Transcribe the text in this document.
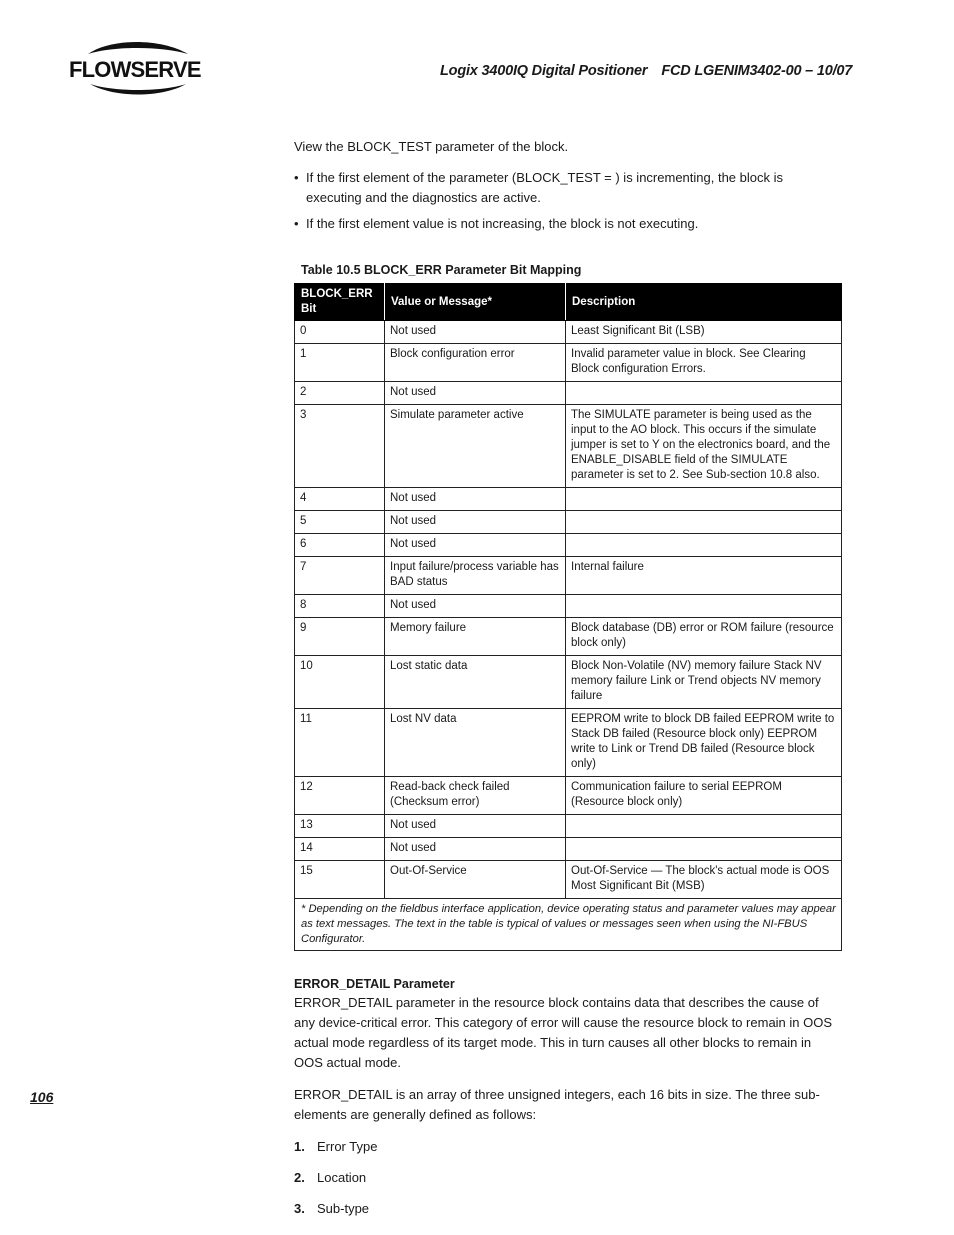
FLOWSERVE	Logix 3400IQ Digital Positioner FCD LGENIM3402-00 – 10/07

View the BLOCK_TEST parameter of the block.

• If the first element of the parameter (BLOCK_TEST = ) is incrementing, the block is executing and the diagnostics are active.
• If the first element value is not increasing, the block is not executing.
Table 10.5 BLOCK_ERR Parameter Bit Mapping
BLOCK_ERR Bit	Value or Message*	Description
0	Not used	Least Significant Bit (LSB)
1	Block configuration error	Invalid parameter value in block. See Clearing Block configuration Errors.
2	Not used	
3	Simulate parameter active	The SIMULATE parameter is being used as the input to the AO block. This occurs if the simulate jumper is set to Y on the electronics board, and the ENABLE_DISABLE field of the SIMULATE parameter is set to 2. See Sub-section 10.8 also.
4	Not used	
5	Not used	
6	Not used	
7	Input failure/process variable has BAD status	Internal failure
8	Not used	
9	Memory failure	Block database (DB) error or ROM failure (resource block only)
10	Lost static data	Block Non-Volatile (NV) memory failure Stack NV memory failure Link or Trend objects NV memory failure
11	Lost NV data	EEPROM write to block DB failed EEPROM write to Stack DB failed (Resource block only) EEPROM write to Link or Trend DB failed (Resource block only)
12	Read-back check failed (Checksum error)	Communication failure to serial EEPROM (Resource block only)
13	Not used	
14	Not used	
15	Out-Of-Service	Out-Of-Service — The block's actual mode is OOS Most Significant Bit (MSB)
* Depending on the fieldbus interface application, device operating status and parameter values may appear as text messages. The text in the table is typical of values or messages seen when using the NI-FBUS Configurator.		
ERROR_DETAIL Parameter

ERROR_DETAIL parameter in the resource block contains data that describes the cause of any device-critical error. This category of error will cause the resource block to remain in OOS actual mode regardless of its target mode. This in turn causes all other blocks to remain in OOS actual mode.

ERROR_DETAIL is an array of three unsigned integers, each 16 bits in size. The three sub-elements are generally defined as follows:

1. Error Type
2. Location
3. Sub-type
106
